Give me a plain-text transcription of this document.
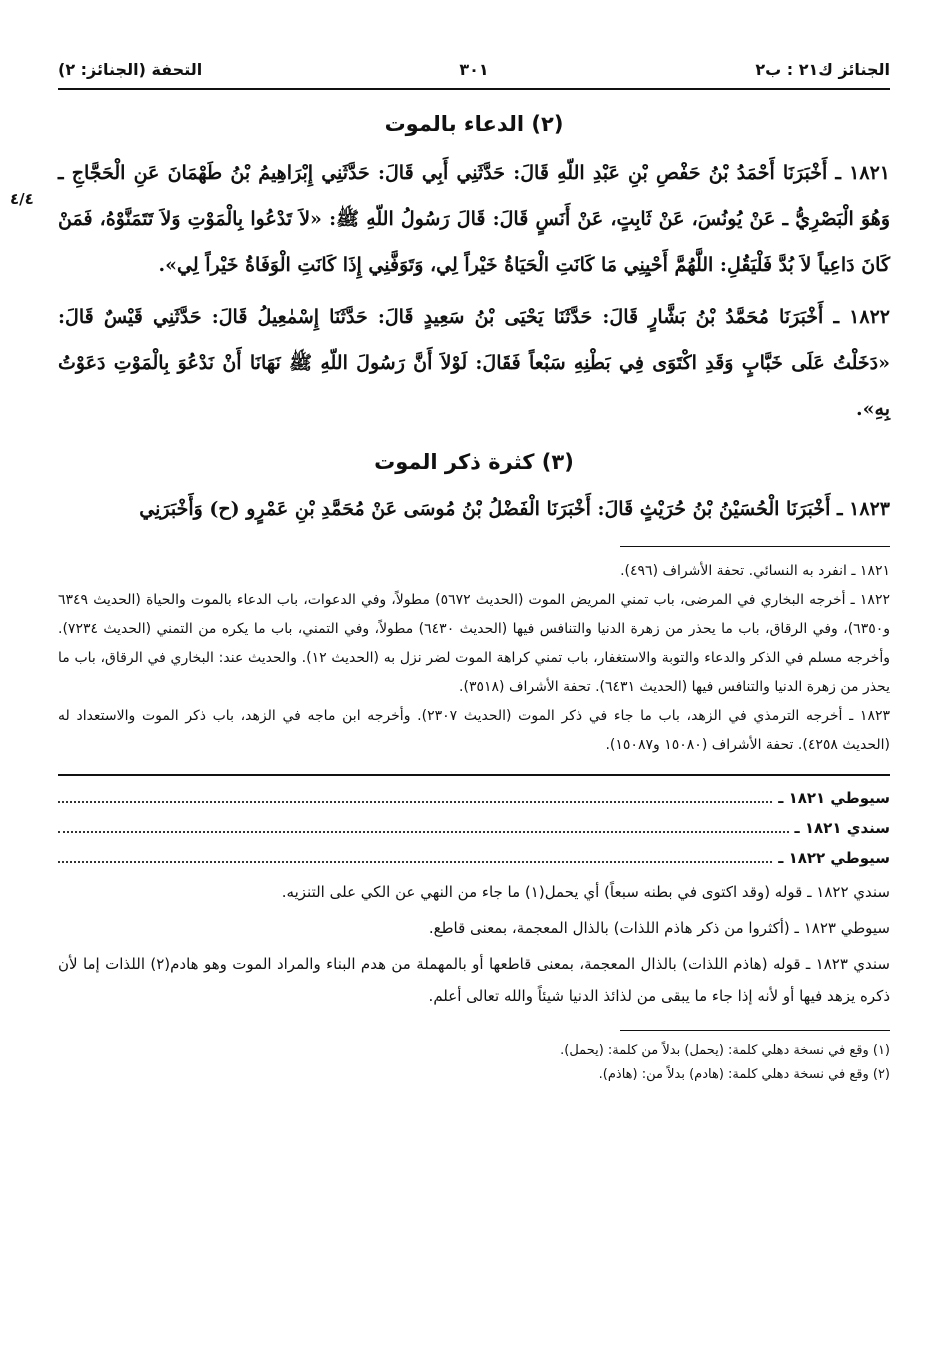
الجنائز ك٢١ : ب٢
٣٠١
التحفة (الجنائز: ٢)
(٢) الدعاء بالموت

١٨٢١ ـ أَخْبَرَنَا أَحْمَدُ بْنُ حَفْصِ بْنِ عَبْدِ اللّهِ قَالَ: حَدَّثَنِي أَبِي قَالَ: حَدَّثَنِي إِبْرَاهِيمُ بْنُ طَهْمَانَ عَنِ الْحَجَّاجِ ـ وَهُوَ الْبَصْرِيُّ ـ عَنْ يُونُسَ، عَنْ ثَابِتٍ، عَنْ أَنَسٍ قَالَ: قَالَ رَسُولُ اللّهِ ﷺ: «لاَ تَدْعُوا بِالْمَوْتِ وَلاَ تَتَمَنَّوْهُ، فَمَنْ كَانَ دَاعِياً لاَ بُدَّ فَلْيَقُلِ: اللَّهُمَّ أَحْيِنِي مَا كَانَتِ الْحَيَاةُ خَيْراً لِي، وَتَوَفَّنِي إِذَا كَانَتِ الْوَفَاةُ خَيْراً لِي».

١٨٢٢ ـ أَخْبَرَنَا مُحَمَّدُ بْنُ بَشَّارٍ قَالَ: حَدَّثَنَا يَحْيَى بْنُ سَعِيدٍ قَالَ: حَدَّثَنَا إِسْمٰعِيلُ قَالَ: حَدَّثَنِي قَيْسٌ قَالَ: «دَخَلْتُ عَلَى خَبَّابٍ وَقَدِ اكْتَوَى فِي بَطْنِهِ سَبْعاً فَقَالَ: لَوْلاَ أَنَّ رَسُولَ اللّهِ ﷺ نَهَانَا أَنْ نَدْعُوَ بِالْمَوْتِ دَعَوْتُ بِهِ».

(٣) كثرة ذكر الموت

١٨٢٣ ـ أَخْبَرَنَا الْحُسَيْنُ بْنُ حُرَيْثٍ قَالَ: أَخْبَرَنَا الْفَضْلُ بْنُ مُوسَى عَنْ مُحَمَّدِ بْنِ عَمْرٍو (ح) وَأَخْبَرَنِي

١٨٢١ ـ انفرد به النسائي. تحفة الأشراف (٤٩٦).

١٨٢٢ ـ أخرجه البخاري في المرضى، باب تمني المريض الموت (الحديث ٥٦٧٢) مطولاً، وفي الدعوات، باب الدعاء بالموت والحياة (الحديث ٦٣٤٩ و٦٣٥٠)، وفي الرقاق، باب ما يحذر من زهرة الدنيا والتنافس فيها (الحديث ٦٤٣٠) مطولاً، وفي التمني، باب ما يكره من التمني (الحديث ٧٢٣٤). وأخرجه مسلم في الذكر والدعاء والتوبة والاستغفار، باب تمني كراهة الموت لضر نزل به (الحديث ١٢). والحديث عند: البخاري في الرقاق، باب ما يحذر من زهرة الدنيا والتنافس فيها (الحديث ٦٤٣١). تحفة الأشراف (٣٥١٨).

١٨٢٣ ـ أخرجه الترمذي في الزهد، باب ما جاء في ذكر الموت (الحديث ٢٣٠٧). وأخرجه ابن ماجه في الزهد، باب ذكر الموت والاستعداد له (الحديث ٤٢٥٨). تحفة الأشراف (١٥٠٨٠ و١٥٠٨٧).

سيوطي ١٨٢١ ـ
سندي ١٨٢١ ـ
سيوطي ١٨٢٢ ـ

سندي ١٨٢٢ ـ قوله (وقد اكتوى في بطنه سبعاً) أي يحمل(١) ما جاء من النهي عن الكي على التنزيه.

سيوطي ١٨٢٣ ـ (أكثروا من ذكر هاذم اللذات) بالذال المعجمة، بمعنى قاطع.

سندي ١٨٢٣ ـ قوله (هاذم اللذات) بالذال المعجمة، بمعنى قاطعها أو بالمهملة من هدم البناء والمراد الموت وهو هادم(٢) اللذات إما لأن ذكره يزهد فيها أو لأنه إذا جاء ما يبقى من لذائذ الدنيا شيئاً والله تعالى أعلم.

(١) وقع في نسخة دهلي كلمة: (يحمل) بدلاً من كلمة: (يحمل).

(٢) وقع في نسخة دهلي كلمة: (هادم) بدلاً من: (هاذم).

٤/٤
